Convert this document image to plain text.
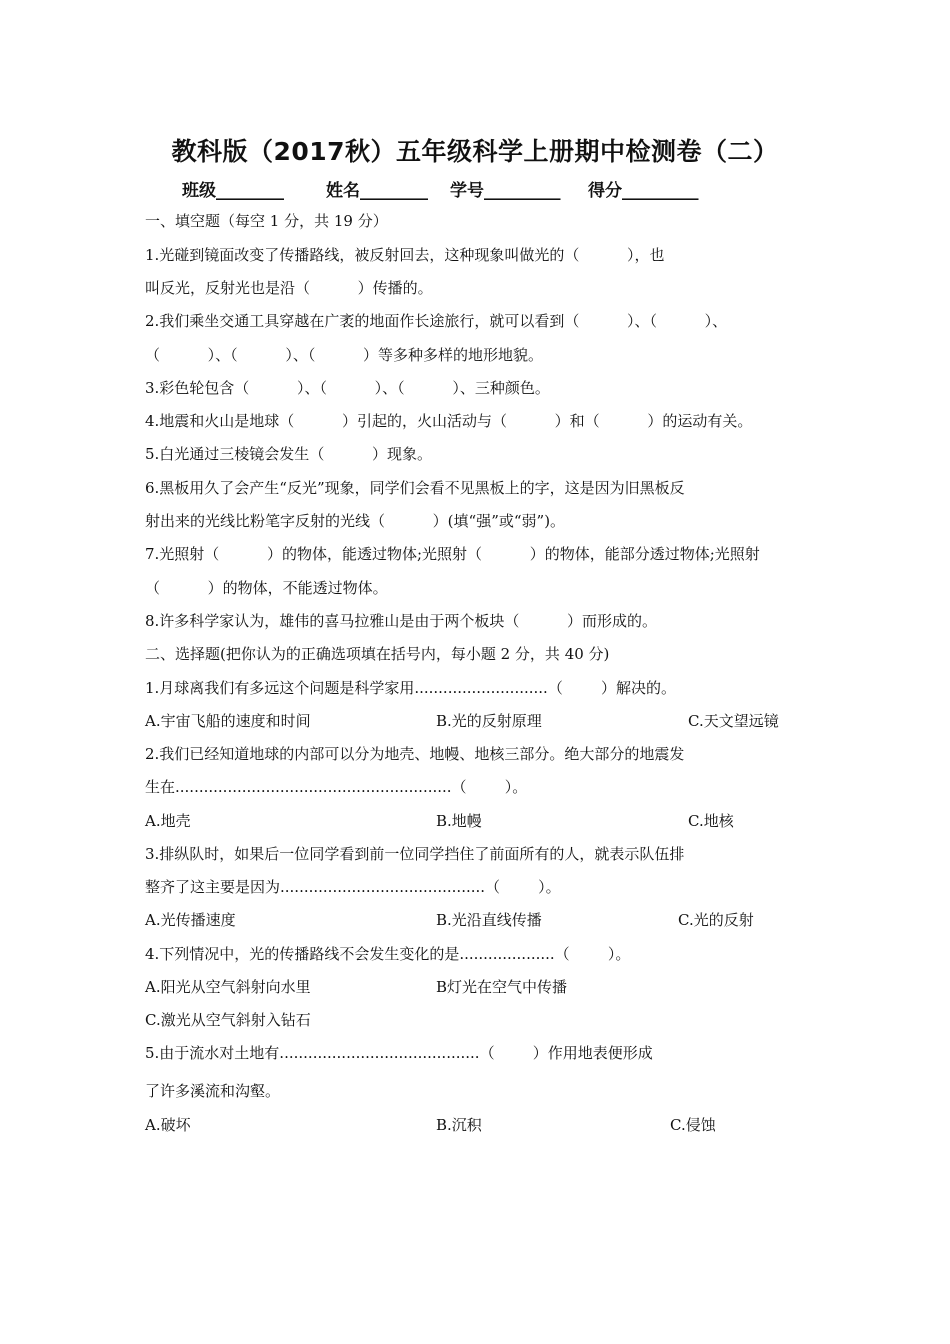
教科版（2017秋）五年级科学上册期中检测卷（二）
班级________ 姓名________ 学号_________ 得分_________
一、填空题（每空 1 分，共 19 分）
1.光碰到镜面改变了传播路线，被反射回去，这种现象叫做光的（          ），也
叫反光，反射光也是沿（          ）传播的。
2.我们乘坐交通工具穿越在广袤的地面作长途旅行，就可以看到（          ）、（          ）、
（          ）、（          ）、（          ）等多种多样的地形地貌。
3.彩色轮包含（          ）、（          ）、（          ）、三种颜色。
4.地震和火山是地球（          ）引起的，火山活动与（          ）和（          ）的运动有关。
5.白光通过三棱镜会发生（          ）现象。
6.黑板用久了会产生“反光”现象，同学们会看不见黑板上的字，这是因为旧黑板反
射出来的光线比粉笔字反射的光线（          ）(填“强”或“弱”)。
7.光照射（          ）的物体，能透过物体;光照射（          ）的物体，能部分透过物体;光照射
（          ）的物体，不能透过物体。
8.许多科学家认为，雄伟的喜马拉雅山是由于两个板块（          ）而形成的。
二、选择题(把你认为的正确选项填在括号内，每小题 2 分，共 40 分)
1.月球离我们有多远这个问题是科学家用............................（        ）解决的。
A.宇宙飞船的速度和时间	B.光的反射原理	C.天文望远镜
2.我们已经知道地球的内部可以分为地壳、地幔、地核三部分。绝大部分的地震发
生在..........................................................（        ）。
A.地壳	B.地幔	C.地核
3.排纵队时，如果后一位同学看到前一位同学挡住了前面所有的人，就表示队伍排
整齐了这主要是因为...........................................（        ）。
A.光传播速度	B.光沿直线传播	C.光的反射
4.下列情况中，光的传播路线不会发生变化的是....................（        ）。
A.阳光从空气斜射向水里	B灯光在空气中传播
C.激光从空气斜射入钻石
5.由于流水对土地有..........................................（        ）作用地表便形成
了许多溪流和沟壑。
A.破坏	B.沉积	C.侵蚀
